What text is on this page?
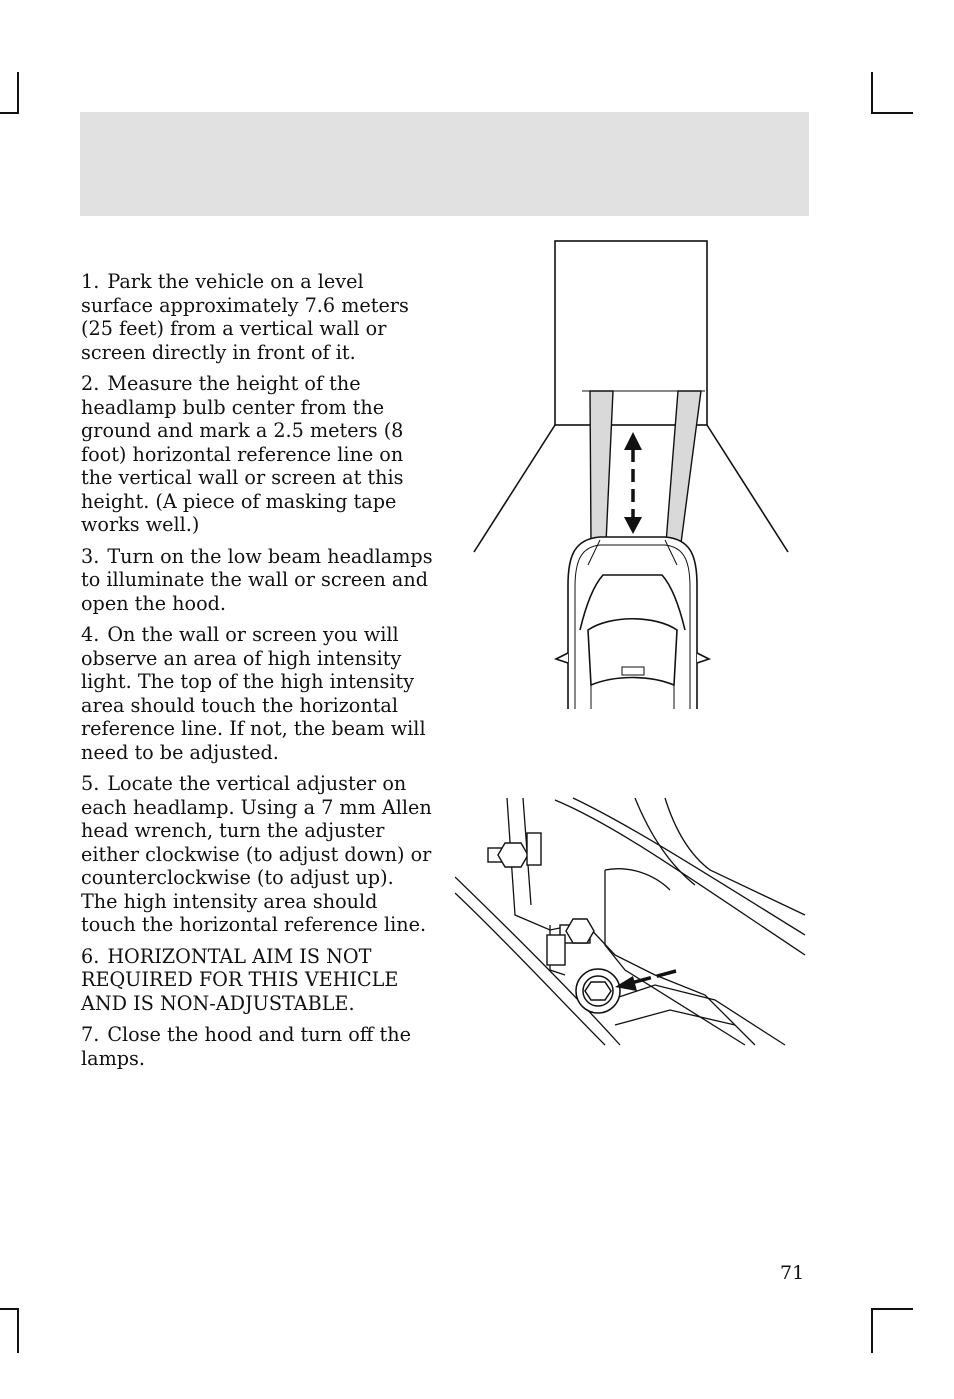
1. Park the vehicle on a level surface approximately 7.6 meters (25 feet) from a vertical wall or screen directly in front of it.

2. Measure the height of the headlamp bulb center from the ground and mark a 2.5 meters (8 foot) horizontal reference line on the vertical wall or screen at this height. (A piece of masking tape works well.)

3. Turn on the low beam headlamps to illuminate the wall or screen and open the hood.

4. On the wall or screen you will observe an area of high intensity light. The top of the high intensity area should touch the horizontal reference line. If not, the beam will need to be adjusted.

5. Locate the vertical adjuster on each headlamp. Using a 7 mm Allen head wrench, turn the adjuster either clockwise (to adjust down) or counterclockwise (to adjust up). The high intensity area should touch the horizontal reference line.

6. HORIZONTAL AIM IS NOT REQUIRED FOR THIS VEHICLE AND IS NON-ADJUSTABLE.

7. Close the hood and turn off the lamps.

71
